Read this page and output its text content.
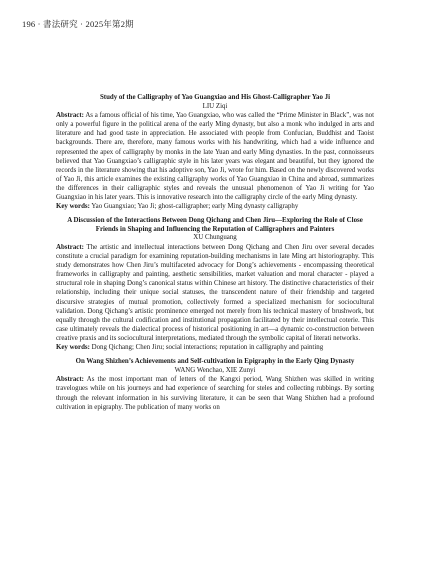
196 · 書法研究 · 2025年第2期
Study of the Calligraphy of Yao Guangxiao and His Ghost-Calligrapher Yao Ji
LIU Ziqi

Abstract: As a famous official of his time, Yao Guangxiao, who was called the “Prime Minister in Black”, was not only a powerful figure in the political arena of the early Ming dynasty, but also a monk who indulged in arts and literature and had good taste in appreciation. He associated with people from Confucian, Buddhist and Taoist backgrounds. There are, therefore, many famous works with his handwriting, which had a wide influence and represented the apex of calligraphy by monks in the late Yuan and early Ming dynasties. In the past, connoisseurs believed that Yao Guangxiao’s calligraphic style in his later years was elegant and beautiful, but they ignored the records in the literature showing that his adoptive son, Yao Ji, wrote for him. Based on the newly discovered works of Yao Ji, this article examines the existing calligraphy works of Yao Guangxiao in China and abroad, summarizes the differences in their calligraphic styles and reveals the unusual phenomenon of Yao Ji writing for Yao Guangxiao in his later years. This is innovative research into the calligraphy circle of the early Ming dynasty.

Key words: Yao Guangxiao; Yao Ji; ghost-calligrapher; early Ming dynasty calligraphy
A Discussion of the Interactions Between Dong Qichang and Chen Jiru—Exploring the Role of Close Friends in Shaping and Influencing the Reputation of Calligraphers and Painters
XU Chunguang

Abstract: The artistic and intellectual interactions between Dong Qichang and Chen Jiru over several decades constitute a crucial paradigm for examining reputation-building mechanisms in late Ming art historiography. This study demonstrates how Chen Jiru’s multifaceted advocacy for Dong’s achievements - encompassing theoretical frameworks in calligraphy and painting, aesthetic sensibilities, market valuation and moral character - played a structural role in shaping Dong’s canonical status within Chinese art history. The distinctive characteristics of their relationship, including their unique social statuses, the transcendent nature of their friendship and targeted discursive strategies of mutual promotion, collectively formed a specialized mechanism for sociocultural validation. Dong Qichang’s artistic prominence emerged not merely from his technical mastery of brushwork, but equally through the cultural codification and institutional propagation facilitated by their intellectual coterie. This case ultimately reveals the dialectical process of historical positioning in art—a dynamic co-construction between creative praxis and its sociocultural interpretations, mediated through the symbolic capital of literati networks.

Key words: Dong Qichang; Chen Jiru; social interactions; reputation in calligraphy and painting
On Wang Shizhen’s Achievements and Self-cultivation in Epigraphy in the Early Qing Dynasty
WANG Wenchao, XIE Zunyi

Abstract: As the most important man of letters of the Kangxi period, Wang Shizhen was skilled in writing travelogues while on his journeys and had experience of searching for steles and collecting rubbings. By sorting through the relevant information in his surviving literature, it can be seen that Wang Shizhen had a profound cultivation in epigraphy. The publication of many works on
